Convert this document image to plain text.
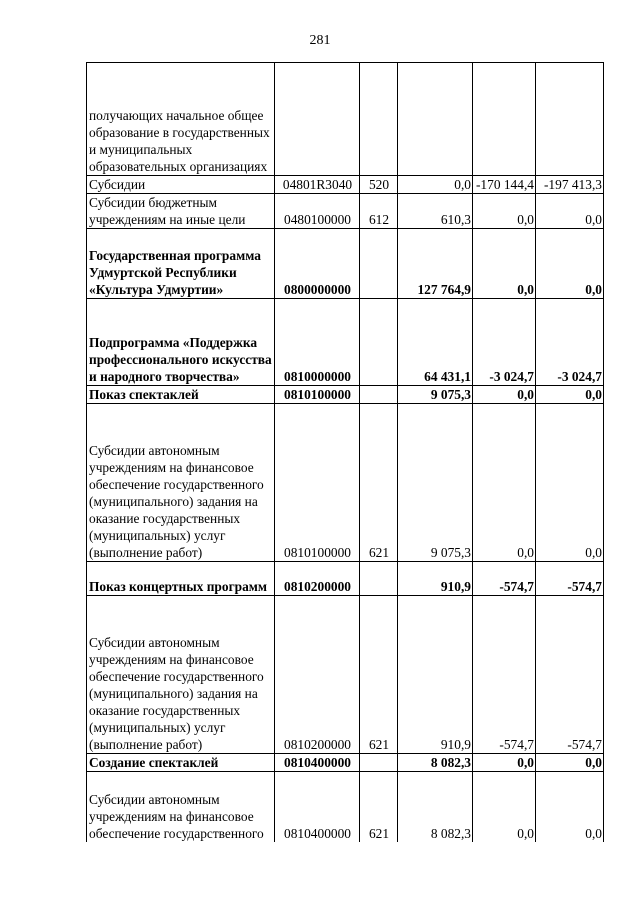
281
получающих начальное общее образование в государственных и муниципальных образовательных организациях					
Субсидии	04801R3040	520	0,0	-170 144,4	-197 413,3
Субсидии бюджетным учреждениям на иные цели	0480100000	612	610,3	0,0	0,0
Государственная программа Удмуртской Республики «Культура Удмуртии»	0800000000		127 764,9	0,0	0,0
Подпрограмма «Поддержка профессионального искусства и народного творчества»	0810000000		64 431,1	-3 024,7	-3 024,7
Показ спектаклей	0810100000		9 075,3	0,0	0,0
Субсидии автономным учреждениям на финансовое обеспечение государственного (муниципального) задания на оказание государственных (муниципальных) услуг (выполнение работ)	0810100000	621	9 075,3	0,0	0,0
Показ концертных программ	0810200000		910,9	-574,7	-574,7
Субсидии автономным учреждениям на финансовое обеспечение государственного (муниципального) задания на оказание государственных (муниципальных) услуг (выполнение работ)	0810200000	621	910,9	-574,7	-574,7
Создание спектаклей	0810400000		8 082,3	0,0	0,0
Субсидии автономным учреждениям на финансовое обеспечение государственного	0810400000	621	8 082,3	0,0	0,0
